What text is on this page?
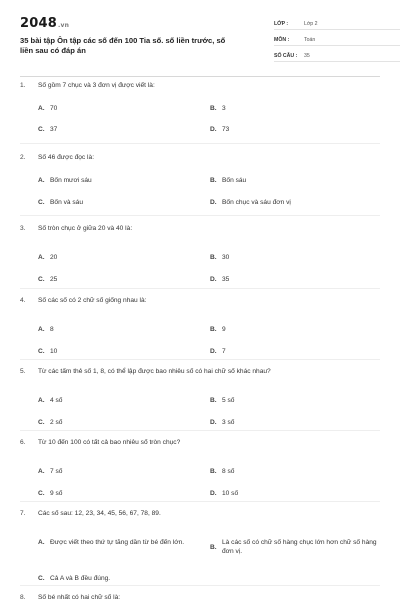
2048.vn
35 bài tập Ôn tập các số đến 100 Tia số. số liền trước, số liền sau có đáp án
LỚP :	Lớp 2
MÔN :	Toán
SỐ CÂU :	35
1.	Số gồm 7 chục và 3 đơn vị được viết là:
A. 70	B. 3
C. 37	D. 73
2.	Số 46 được đọc là:
A. Bốn mươi sáu	B. Bốn sáu
C. Bốn và sáu	D. Bốn chục và sáu đơn vị
3.	Số tròn chục ở giữa 20 và 40 là:
A. 20	B. 30
C. 25	D. 35
4.	Số các số có 2 chữ số giống nhau là:
A. 8	B. 9
C. 10	D. 7
5.	Từ các tấm thẻ số 1, 8, có thể lập được bao nhiêu số có hai chữ số khác nhau?
A. 4 số	B. 5 số
C. 2 số	D. 3 số
6.	Từ 10 đến 100 có tất cả bao nhiêu số tròn chục?
A. 7 số	B. 8 số
C. 9 số	D. 10 số
7.	Các số sau: 12, 23, 34, 45, 56, 67, 78, 89.
A. Được viết theo thứ tự tăng dần từ bé đến lớn.
B.
Là các số có chữ số hàng chục lớn hơn chữ số hàng đơn vị.
C. Cả A và B đều đúng.
8.	Số bé nhất có hai chữ số là:
